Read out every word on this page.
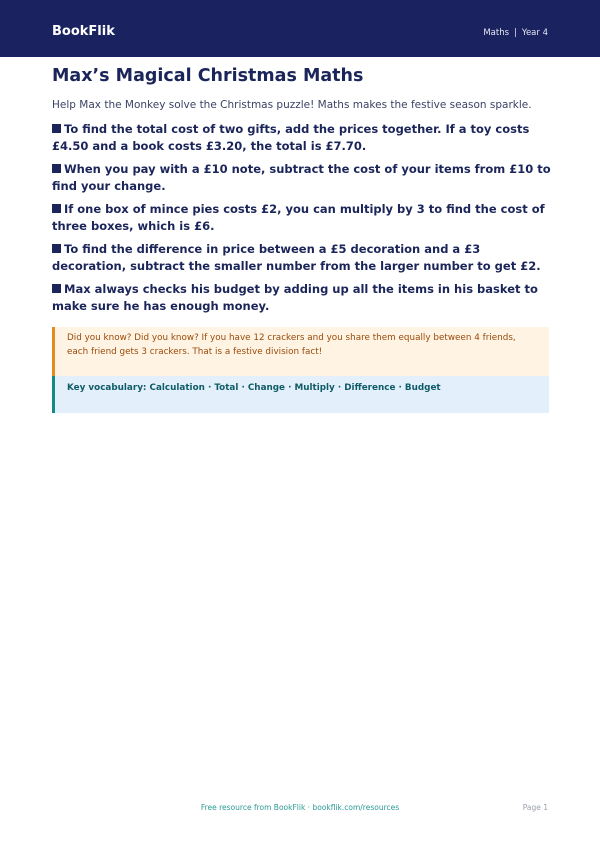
BookFlik	Maths | Year 4
Max’s Magical Christmas Maths
Help Max the Monkey solve the Christmas puzzle! Maths makes the festive season sparkle.
To find the total cost of two gifts, add the prices together. If a toy costs £4.50 and a book costs £3.20, the total is £7.70.
When you pay with a £10 note, subtract the cost of your items from £10 to find your change.
If one box of mince pies costs £2, you can multiply by 3 to find the cost of three boxes, which is £6.
To find the difference in price between a £5 decoration and a £3 decoration, subtract the smaller number from the larger number to get £2.
Max always checks his budget by adding up all the items in his basket to make sure he has enough money.
Did you know? Did you know? If you have 12 crackers and you share them equally between 4 friends, each friend gets 3 crackers. That is a festive division fact!
Key vocabulary: Calculation · Total · Change · Multiply · Difference · Budget
Free resource from BookFlik · bookflik.com/resources	Page 1
